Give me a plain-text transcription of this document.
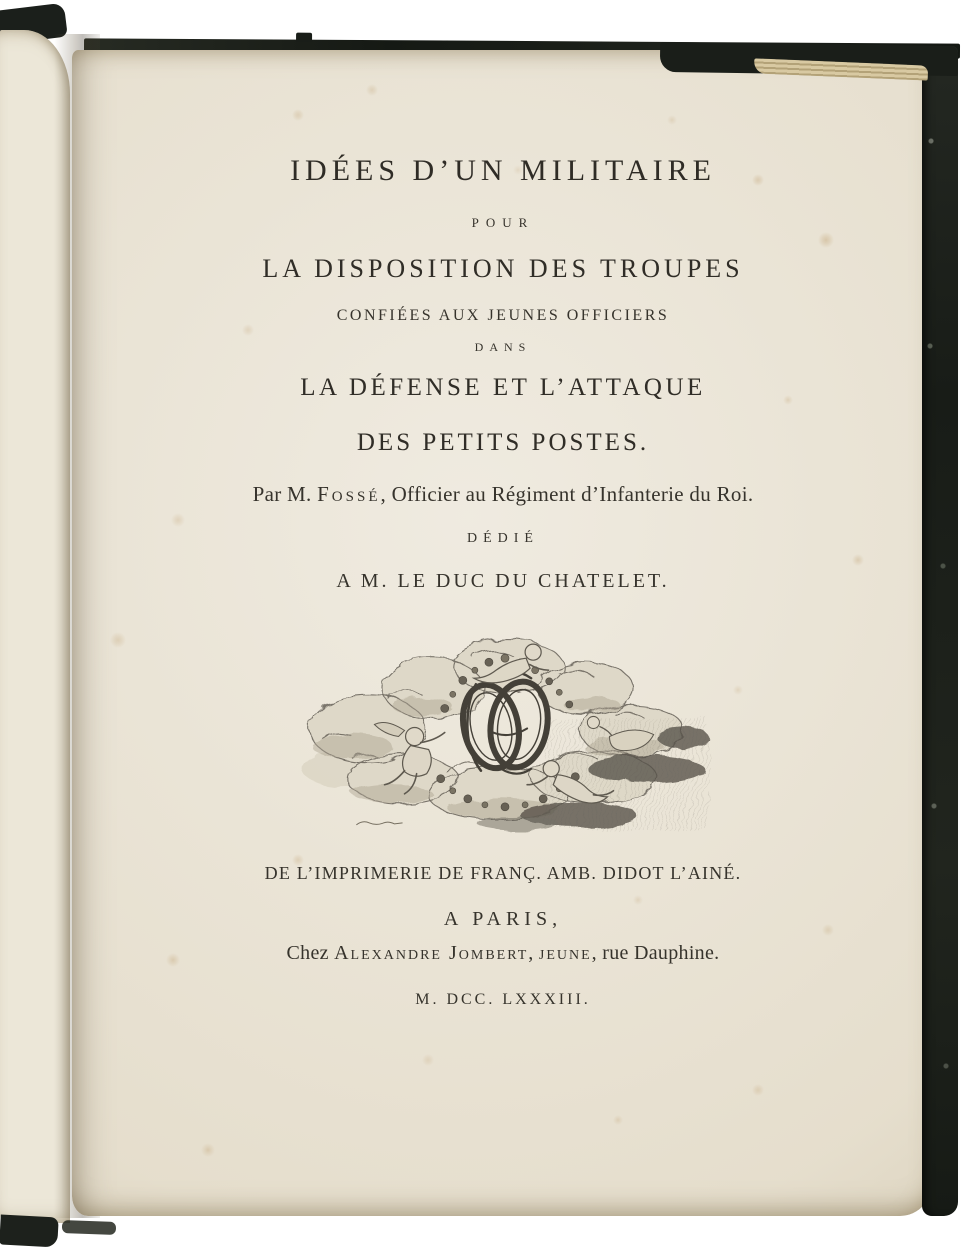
IDÉES D’UN MILITAIRE
POUR
LA DISPOSITION DES TROUPES
CONFIÉES AUX JEUNES OFFICIERS
DANS
LA DÉFENSE ET L’ATTAQUE
DES PETITS POSTES.
Par M. Fossé, Officier au Régiment d’Infanterie du Roi.
DÉDIÉ
A M. LE DUC DU CHATELET.
DE L’IMPRIMERIE DE FRANÇ. AMB. DIDOT L’AINÉ.
A PARIS,
Chez Alexandre Jombert, jeune, rue Dauphine.
M. DCC. LXXXIII.
